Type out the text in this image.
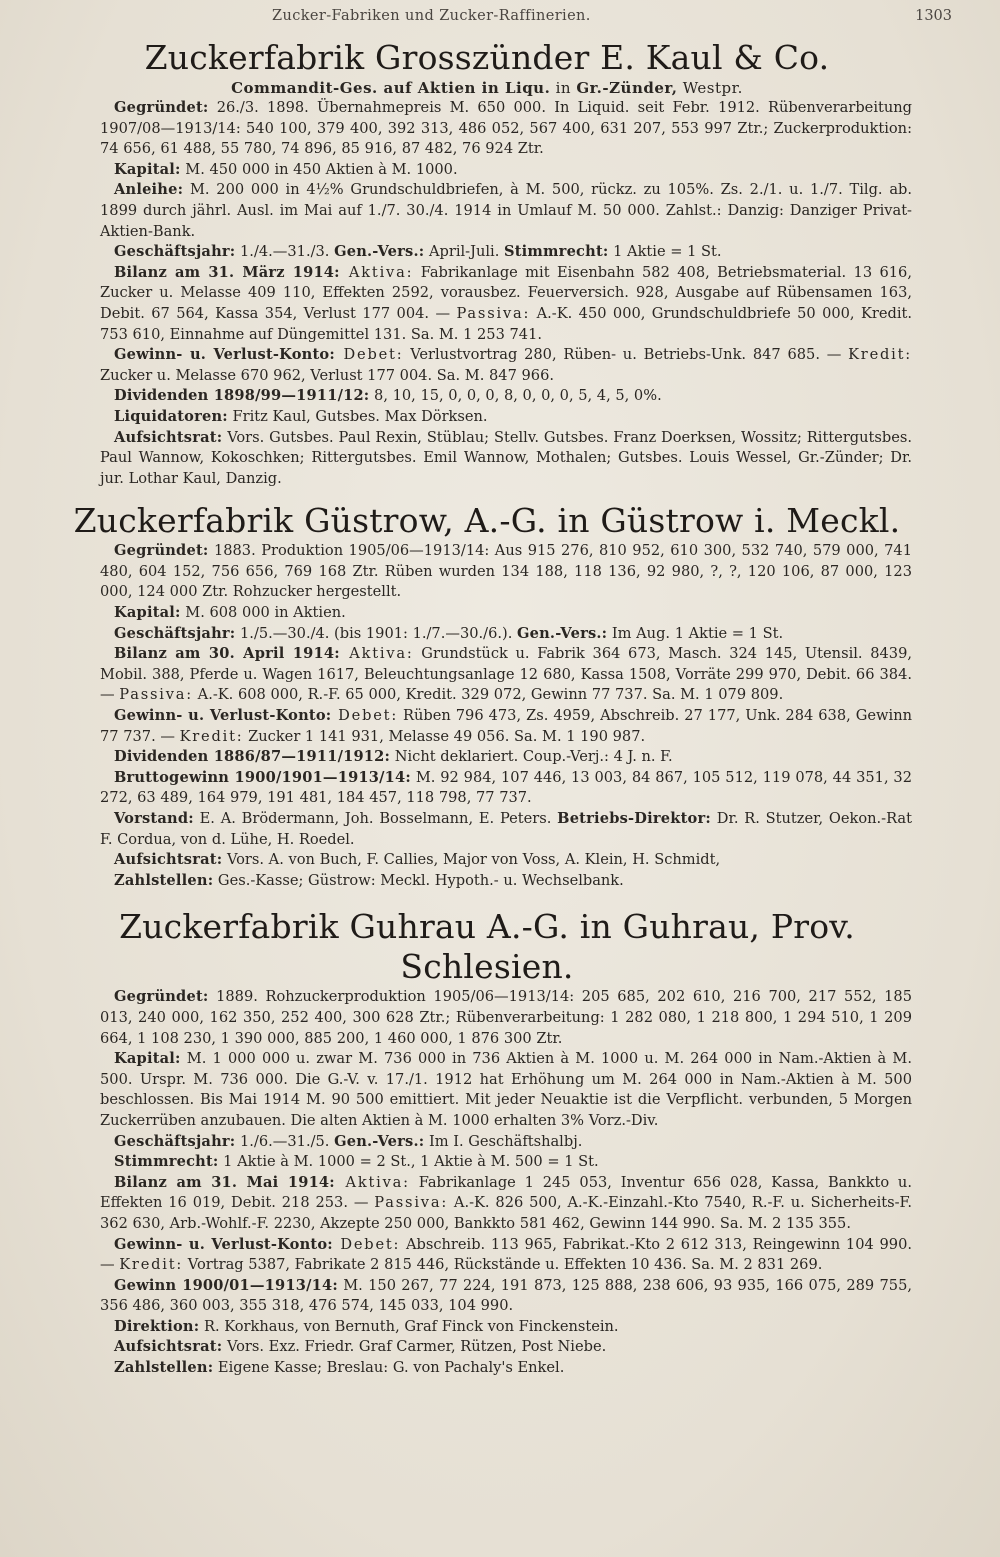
Zucker-Fabriken und Zucker-Raffinerien.	1303
Zuckerfabrik Grosszünder E. Kaul & Co.
Commandit-Ges. auf Aktien in Liqu. in Gr.-Zünder, Westpr.

Gegründet: 26./3. 1898. Übernahmepreis M. 650 000. In Liquid. seit Febr. 1912. Rübenverarbeitung 1907/08—1913/14: 540 100, 379 400, 392 313, 486 052, 567 400, 631 207, 553 997 Ztr.; Zuckerproduktion: 74 656, 61 488, 55 780, 74 896, 85 916, 87 482, 76 924 Ztr.

Kapital: M. 450 000 in 450 Aktien à M. 1000.

Anleihe: M. 200 000 in 4½% Grundschuldbriefen, à M. 500, rückz. zu 105%. Zs. 2./1. u. 1./7. Tilg. ab. 1899 durch jährl. Ausl. im Mai auf 1./7. 30./4. 1914 in Umlauf M. 50 000. Zahlst.: Danzig: Danziger Privat-Aktien-Bank.

Geschäftsjahr: 1./4.—31./3. Gen.-Vers.: April-Juli. Stimmrecht: 1 Aktie = 1 St.

Bilanz am 31. März 1914: Aktiva: Fabrikanlage mit Eisenbahn 582 408, Betriebsmaterial. 13 616, Zucker u. Melasse 409 110, Effekten 2592, vorausbez. Feuerversich. 928, Ausgabe auf Rübensamen 163, Debit. 67 564, Kassa 354, Verlust 177 004. — Passiva: A.-K. 450 000, Grundschuldbriefe 50 000, Kredit. 753 610, Einnahme auf Düngemittel 131. Sa. M. 1 253 741.

Gewinn- u. Verlust-Konto: Debet: Verlustvortrag 280, Rüben- u. Betriebs-Unk. 847 685. — Kredit: Zucker u. Melasse 670 962, Verlust 177 004. Sa. M. 847 966.

Dividenden 1898/99—1911/12: 8, 10, 15, 0, 0, 0, 8, 0, 0, 0, 5, 4, 5, 0%.

Liquidatoren: Fritz Kaul, Gutsbes. Max Dörksen.

Aufsichtsrat: Vors. Gutsbes. Paul Rexin, Stüblau; Stellv. Gutsbes. Franz Doerksen, Wossitz; Rittergutsbes. Paul Wannow, Kokoschken; Rittergutsbes. Emil Wannow, Mothalen; Gutsbes. Louis Wessel, Gr.-Zünder; Dr. jur. Lothar Kaul, Danzig.

Zuckerfabrik Güstrow, A.-G. in Güstrow i. Meckl.

Gegründet: 1883. Produktion 1905/06—1913/14: Aus 915 276, 810 952, 610 300, 532 740, 579 000, 741 480, 604 152, 756 656, 769 168 Ztr. Rüben wurden 134 188, 118 136, 92 980, ?, ?, 120 106, 87 000, 123 000, 124 000 Ztr. Rohzucker hergestellt.

Kapital: M. 608 000 in Aktien.

Geschäftsjahr: 1./5.—30./4. (bis 1901: 1./7.—30./6.). Gen.-Vers.: Im Aug. 1 Aktie = 1 St.

Bilanz am 30. April 1914: Aktiva: Grundstück u. Fabrik 364 673, Masch. 324 145, Utensil. 8439, Mobil. 388, Pferde u. Wagen 1617, Beleuchtungsanlage 12 680, Kassa 1508, Vorräte 299 970, Debit. 66 384. — Passiva: A.-K. 608 000, R.-F. 65 000, Kredit. 329 072, Gewinn 77 737. Sa. M. 1 079 809.

Gewinn- u. Verlust-Konto: Debet: Rüben 796 473, Zs. 4959, Abschreib. 27 177, Unk. 284 638, Gewinn 77 737. — Kredit: Zucker 1 141 931, Melasse 49 056. Sa. M. 1 190 987.

Dividenden 1886/87—1911/1912: Nicht deklariert. Coup.-Verj.: 4 J. n. F.

Bruttogewinn 1900/1901—1913/14: M. 92 984, 107 446, 13 003, 84 867, 105 512, 119 078, 44 351, 32 272, 63 489, 164 979, 191 481, 184 457, 118 798, 77 737.

Vorstand: E. A. Brödermann, Joh. Bosselmann, E. Peters. Betriebs-Direktor: Dr. R. Stutzer, Oekon.-Rat F. Cordua, von d. Lühe, H. Roedel.

Aufsichtsrat: Vors. A. von Buch, F. Callies, Major von Voss, A. Klein, H. Schmidt,

Zahlstellen: Ges.-Kasse; Güstrow: Meckl. Hypoth.- u. Wechselbank.

Zuckerfabrik Guhrau A.-G. in Guhrau, Prov. Schlesien.

Gegründet: 1889. Rohzuckerproduktion 1905/06—1913/14: 205 685, 202 610, 216 700, 217 552, 185 013, 240 000, 162 350, 252 400, 300 628 Ztr.; Rübenverarbeitung: 1 282 080, 1 218 800, 1 294 510, 1 209 664, 1 108 230, 1 390 000, 885 200, 1 460 000, 1 876 300 Ztr.

Kapital: M. 1 000 000 u. zwar M. 736 000 in 736 Aktien à M. 1000 u. M. 264 000 in Nam.-Aktien à M. 500. Urspr. M. 736 000. Die G.-V. v. 17./1. 1912 hat Erhöhung um M. 264 000 in Nam.-Aktien à M. 500 beschlossen. Bis Mai 1914 M. 90 500 emittiert. Mit jeder Neuaktie ist die Verpflicht. verbunden, 5 Morgen Zuckerrüben anzubauen. Die alten Aktien à M. 1000 erhalten 3% Vorz.-Div.

Geschäftsjahr: 1./6.—31./5. Gen.-Vers.: Im I. Geschäftshalbj.

Stimmrecht: 1 Aktie à M. 1000 = 2 St., 1 Aktie à M. 500 = 1 St.

Bilanz am 31. Mai 1914: Aktiva: Fabrikanlage 1 245 053, Inventur 656 028, Kassa, Bankkto u. Effekten 16 019, Debit. 218 253. — Passiva: A.-K. 826 500, A.-K.-Einzahl.-Kto 7540, R.-F. u. Sicherheits-F. 362 630, Arb.-Wohlf.-F. 2230, Akzepte 250 000, Bankkto 581 462, Gewinn 144 990. Sa. M. 2 135 355.

Gewinn- u. Verlust-Konto: Debet: Abschreib. 113 965, Fabrikat.-Kto 2 612 313, Reingewinn 104 990. — Kredit: Vortrag 5387, Fabrikate 2 815 446, Rückstände u. Effekten 10 436. Sa. M. 2 831 269.

Gewinn 1900/01—1913/14: M. 150 267, 77 224, 191 873, 125 888, 238 606, 93 935, 166 075, 289 755, 356 486, 360 003, 355 318, 476 574, 145 033, 104 990.

Direktion: R. Korkhaus, von Bernuth, Graf Finck von Finckenstein.

Aufsichtsrat: Vors. Exz. Friedr. Graf Carmer, Rützen, Post Niebe.

Zahlstellen: Eigene Kasse; Breslau: G. von Pachaly's Enkel.
